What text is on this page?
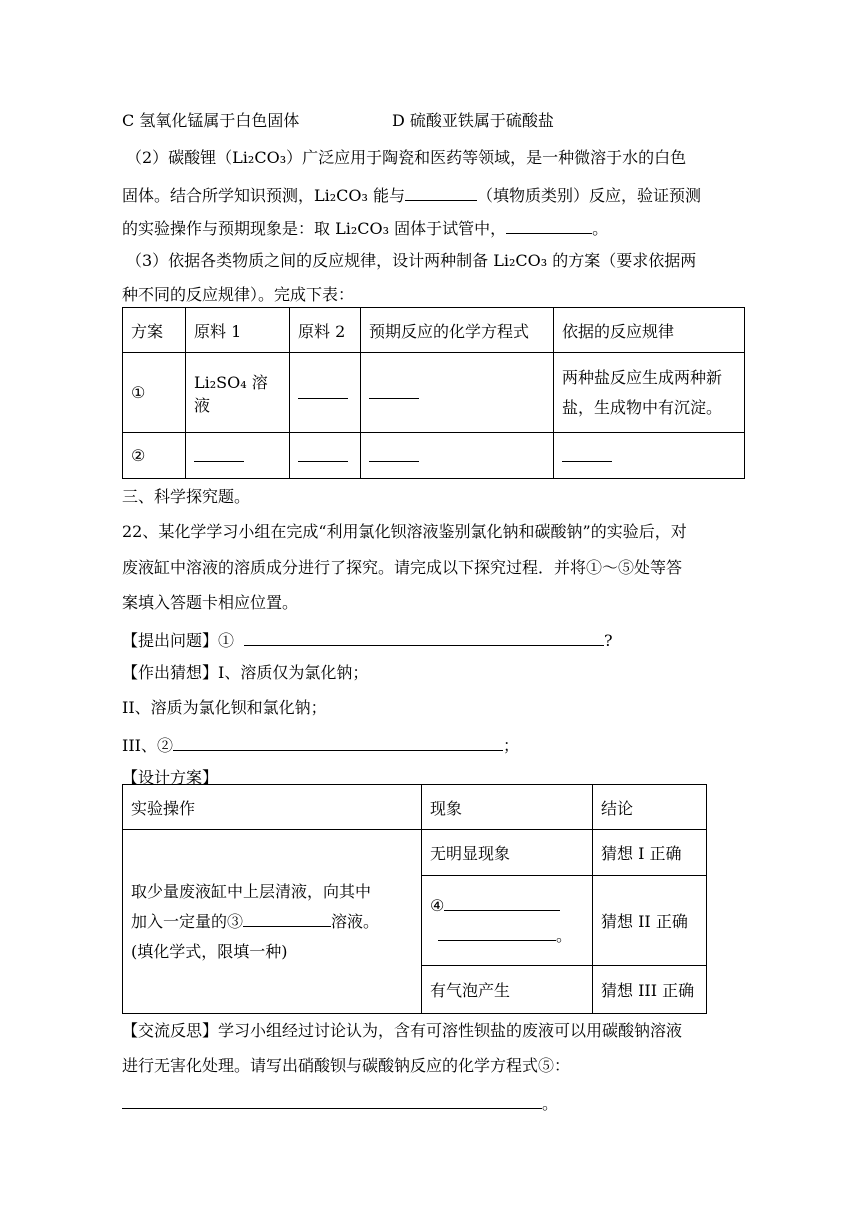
C 氢氧化锰属于白色固体	D 硫酸亚铁属于硫酸盐
（2）碳酸锂（Li₂CO₃）广泛应用于陶瓷和医药等领域，是一种微溶于水的白色
固体。结合所学知识预测，Li₂CO₃ 能与	（填物质类别）反应，验证预测
的实验操作与预期现象是：取 Li₂CO₃ 固体于试管中，	。
（3）依据各类物质之间的反应规律，设计两种制备 Li₂CO₃ 的方案（要求依据两
种不同的反应规律）。完成下表：
方案	原料 1	原料 2	预期反应的化学方程式	依据的反应规律
①	Li₂SO₄ 溶液			两种盐反应生成两种新
盐，生成物中有沉淀。

②				
三、科学探究题。
22、某化学学习小组在完成“利用氯化钡溶液鉴别氯化钠和碳酸钠”的实验后，对
废液缸中溶液的溶质成分进行了探究。请完成以下探究过程．并将①～⑤处等答
案填入答题卡相应位置。
【提出问题】①	?
【作出猜想】I、溶质仅为氯化钠；
II、溶质为氯化钡和氯化钠；
III、②	；
【设计方案】
实验操作	现象	结论

取少量废液缸中上层清液，向其中
加入一定量的③ 溶液。
(填化学式，限填一种)	无明显现象	猜想 I 正确

	④
。	猜想 II 正确
	有气泡产生	猜想 III 正确
【交流反思】学习小组经过讨论认为，含有可溶性钡盐的废液可以用碳酸钠溶液
进行无害化处理。请写出硝酸钡与碳酸钠反应的化学方程式⑤：
。
